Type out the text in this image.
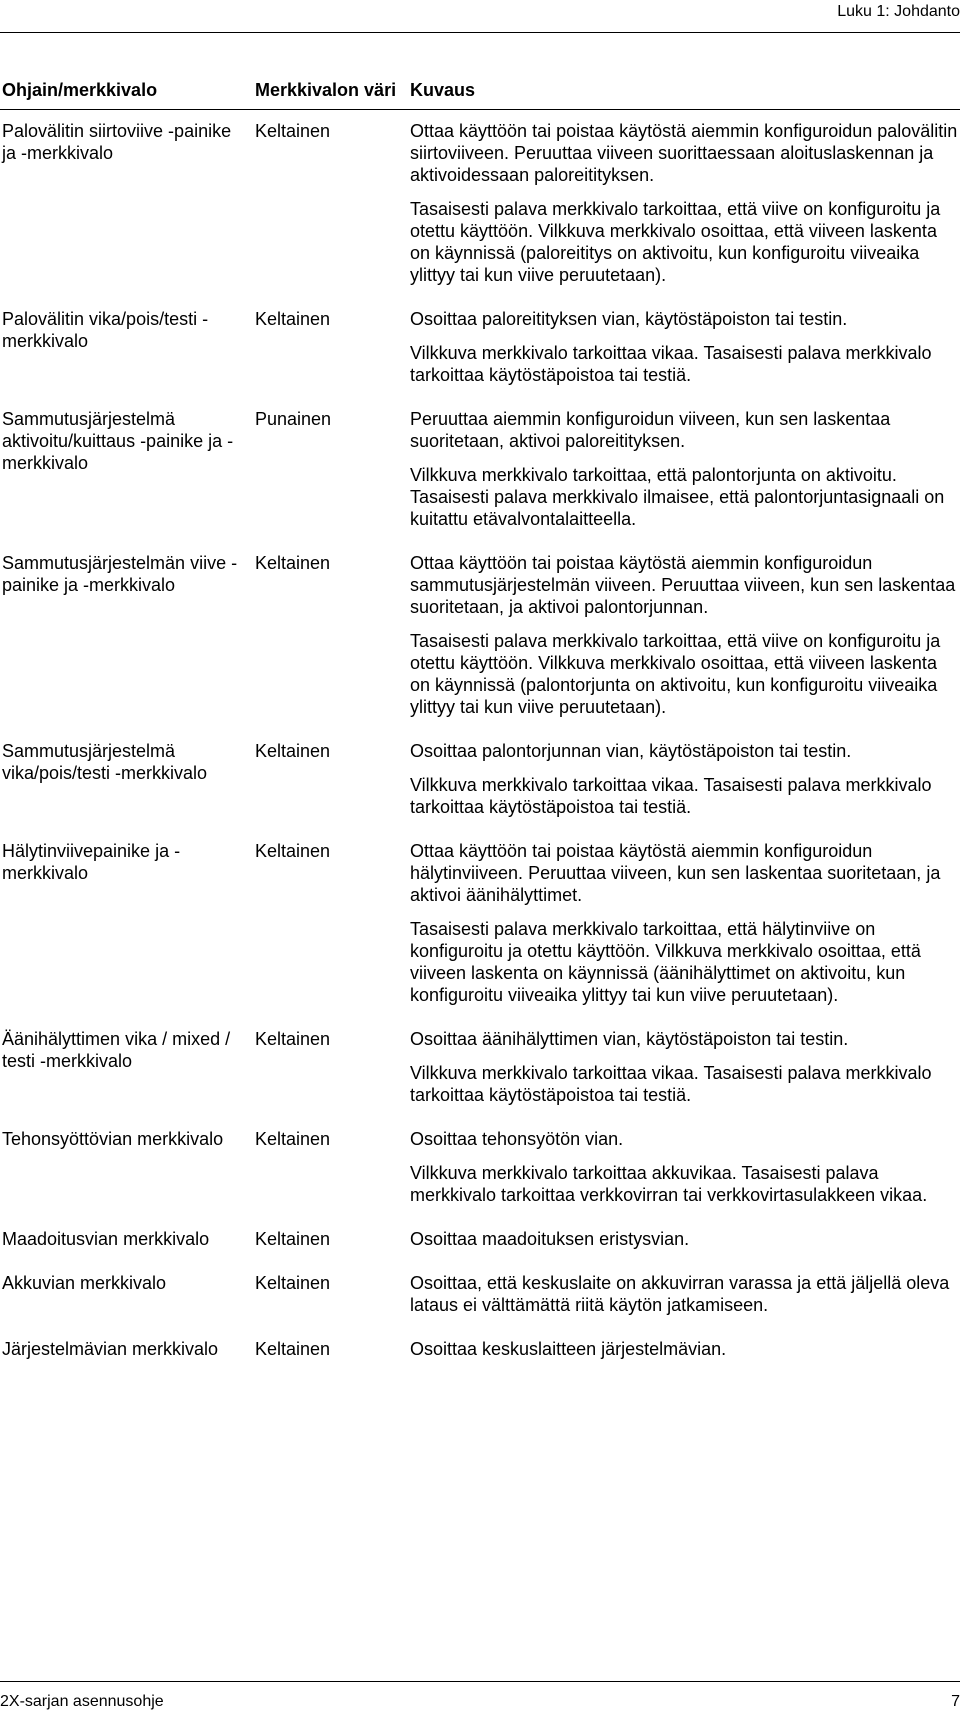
Luku 1: Johdanto
Ohjain/merkkivalo	Merkkivalon väri	Kuvaus
Palovälitin siirtoviive -painike ja -merkkivalo	Keltainen	Ottaa käyttöön tai poistaa käytöstä aiemmin konfiguroidun palovälitin siirtoviiveen. Peruuttaa viiveen suorittaessaan aloituslaskennan ja aktivoidessaan paloreitityksen.

Tasaisesti palava merkkivalo tarkoittaa, että viive on konfiguroitu ja otettu käyttöön. Vilkkuva merkkivalo osoittaa, että viiveen laskenta on käynnissä (paloreititys on aktivoitu, kun konfiguroitu viiveaika ylittyy tai kun viive peruutetaan).

Palovälitin vika/pois/testi -merkkivalo	Keltainen	Osoittaa paloreitityksen vian, käytöstäpoiston tai testin.

Vilkkuva merkkivalo tarkoittaa vikaa. Tasaisesti palava merkkivalo tarkoittaa käytöstäpoistoa tai testiä.

Sammutusjärjestelmä aktivoitu/kuittaus -painike ja -merkkivalo	Punainen	Peruuttaa aiemmin konfiguroidun viiveen, kun sen laskentaa suoritetaan, aktivoi paloreitityksen.

Vilkkuva merkkivalo tarkoittaa, että palontorjunta on aktivoitu. Tasaisesti palava merkkivalo ilmaisee, että palontorjuntasignaali on kuitattu etävalvontalaitteella.

Sammutusjärjestelmän viive -painike ja -merkkivalo	Keltainen	Ottaa käyttöön tai poistaa käytöstä aiemmin konfiguroidun sammutusjärjestelmän viiveen. Peruuttaa viiveen, kun sen laskentaa suoritetaan, ja aktivoi palontorjunnan.

Tasaisesti palava merkkivalo tarkoittaa, että viive on konfiguroitu ja otettu käyttöön. Vilkkuva merkkivalo osoittaa, että viiveen laskenta on käynnissä (palontorjunta on aktivoitu, kun konfiguroitu viiveaika ylittyy tai kun viive peruutetaan).

Sammutusjärjestelmä vika/pois/testi -merkkivalo	Keltainen	Osoittaa palontorjunnan vian, käytöstäpoiston tai testin.

Vilkkuva merkkivalo tarkoittaa vikaa. Tasaisesti palava merkkivalo tarkoittaa käytöstäpoistoa tai testiä.

Hälytinviivepainike ja -merkkivalo	Keltainen	Ottaa käyttöön tai poistaa käytöstä aiemmin konfiguroidun hälytinviiveen. Peruuttaa viiveen, kun sen laskentaa suoritetaan, ja aktivoi äänihälyttimet.

Tasaisesti palava merkkivalo tarkoittaa, että hälytinviive on konfiguroitu ja otettu käyttöön. Vilkkuva merkkivalo osoittaa, että viiveen laskenta on käynnissä (äänihälyttimet on aktivoitu, kun konfiguroitu viiveaika ylittyy tai kun viive peruutetaan).

Äänihälyttimen vika / mixed / testi -merkkivalo	Keltainen	Osoittaa äänihälyttimen vian, käytöstäpoiston tai testin.

Vilkkuva merkkivalo tarkoittaa vikaa. Tasaisesti palava merkkivalo tarkoittaa käytöstäpoistoa tai testiä.

Tehonsyöttövian merkkivalo	Keltainen	Osoittaa tehonsyötön vian.

Vilkkuva merkkivalo tarkoittaa akkuvikaa. Tasaisesti palava merkkivalo tarkoittaa verkkovirran tai verkkovirtasulakkeen vikaa.

Maadoitusvian merkkivalo	Keltainen	Osoittaa maadoituksen eristysvian.

Akkuvian merkkivalo	Keltainen	Osoittaa, että keskuslaite on akkuvirran varassa ja että jäljellä oleva lataus ei välttämättä riitä käytön jatkamiseen.

Järjestelmävian merkkivalo	Keltainen	Osoittaa keskuslaitteen järjestelmävian.

2X-sarjan asennusohje	7
